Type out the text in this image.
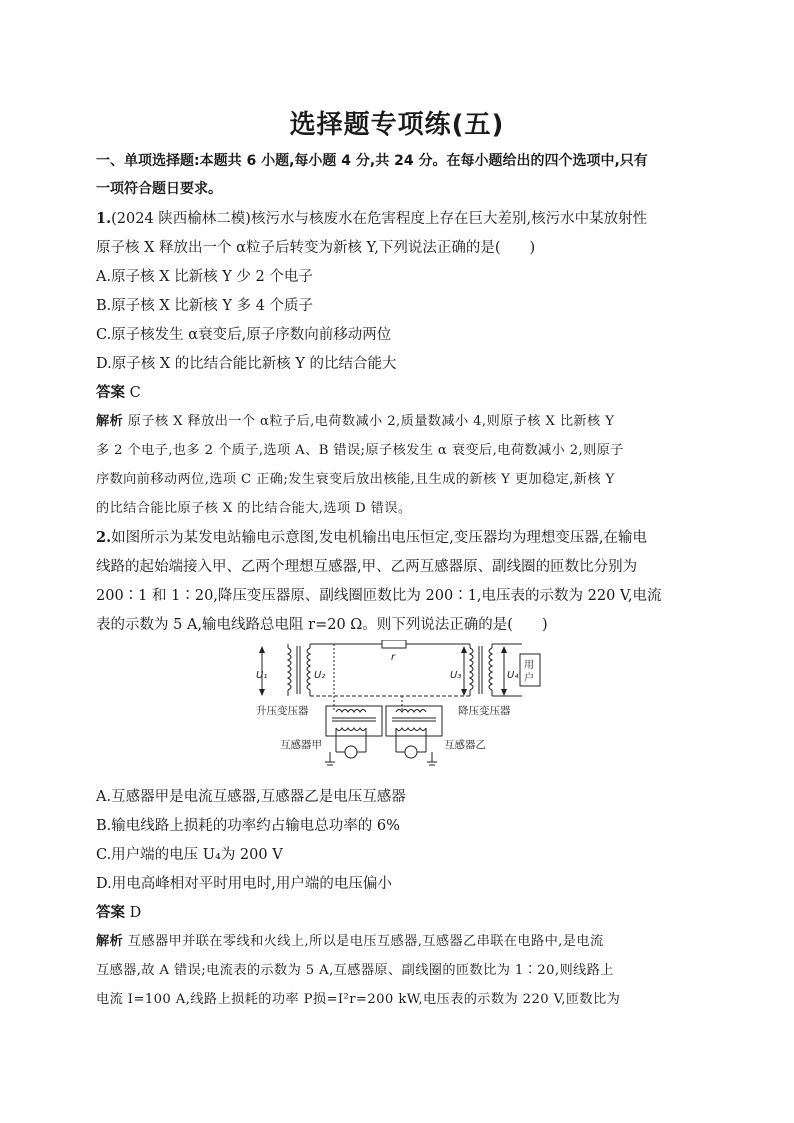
选择题专项练(五)
一、单项选择题:本题共 6 小题,每小题 4 分,共 24 分。在每小题给出的四个选项中,只有
一项符合题日要求。
1.(2024 陕西榆林二模)核污水与核废水在危害程度上存在巨大差别,核污水中某放射性
原子核 X 释放出一个 α粒子后转变为新核 Y,下列说法正确的是(　　)
A.原子核 X 比新核 Y 少 2 个电子
B.原子核 X 比新核 Y 多 4 个质子
C.原子核发生 α衰变后,原子序数向前移动两位
D.原子核 X 的比结合能比新核 Y 的比结合能大
答案 C
解析 原子核 X 释放出一个 α粒子后,电荷数减小 2,质量数减小 4,则原子核 X 比新核 Y
多 2 个电子,也多 2 个质子,选项 A、B 错误;原子核发生 α 衰变后,电荷数减小 2,则原子
序数向前移动两位,选项 C 正确;发生衰变后放出核能,且生成的新核 Y 更加稳定,新核 Y
的比结合能比原子核 X 的比结合能大,选项 D 错误。
2.如图所示为某发电站输电示意图,发电机输出电压恒定,变压器均为理想变压器,在输电
线路的起始端接入甲、乙两个理想互感器,甲、乙两互感器原、副线圈的匝数比分别为
200∶1 和 1∶20,降压变压器原、副线圈匝数比为 200∶1,电压表的示数为 220 V,电流
表的示数为 5 A,输电线路总电阻 r=20 Ω。则下列说法正确的是(　　)
U₁	U₂
r
U₃	U₄
用
户
升压变压器	降压变压器
互感器甲	互感器乙
A.互感器甲是电流互感器,互感器乙是电压互感器
B.输电线路上损耗的功率约占输电总功率的 6%
C.用户端的电压 U₄为 200 V
D.用电高峰相对平时用电时,用户端的电压偏小
答案 D
解析 互感器甲并联在零线和火线上,所以是电压互感器,互感器乙串联在电路中,是电流
互感器,故 A 错误;电流表的示数为 5 A,互感器原、副线圈的匝数比为 1∶20,则线路上
电流 I=100 A,线路上损耗的功率 P损=I²r=200 kW,电压表的示数为 220 V,匝数比为
